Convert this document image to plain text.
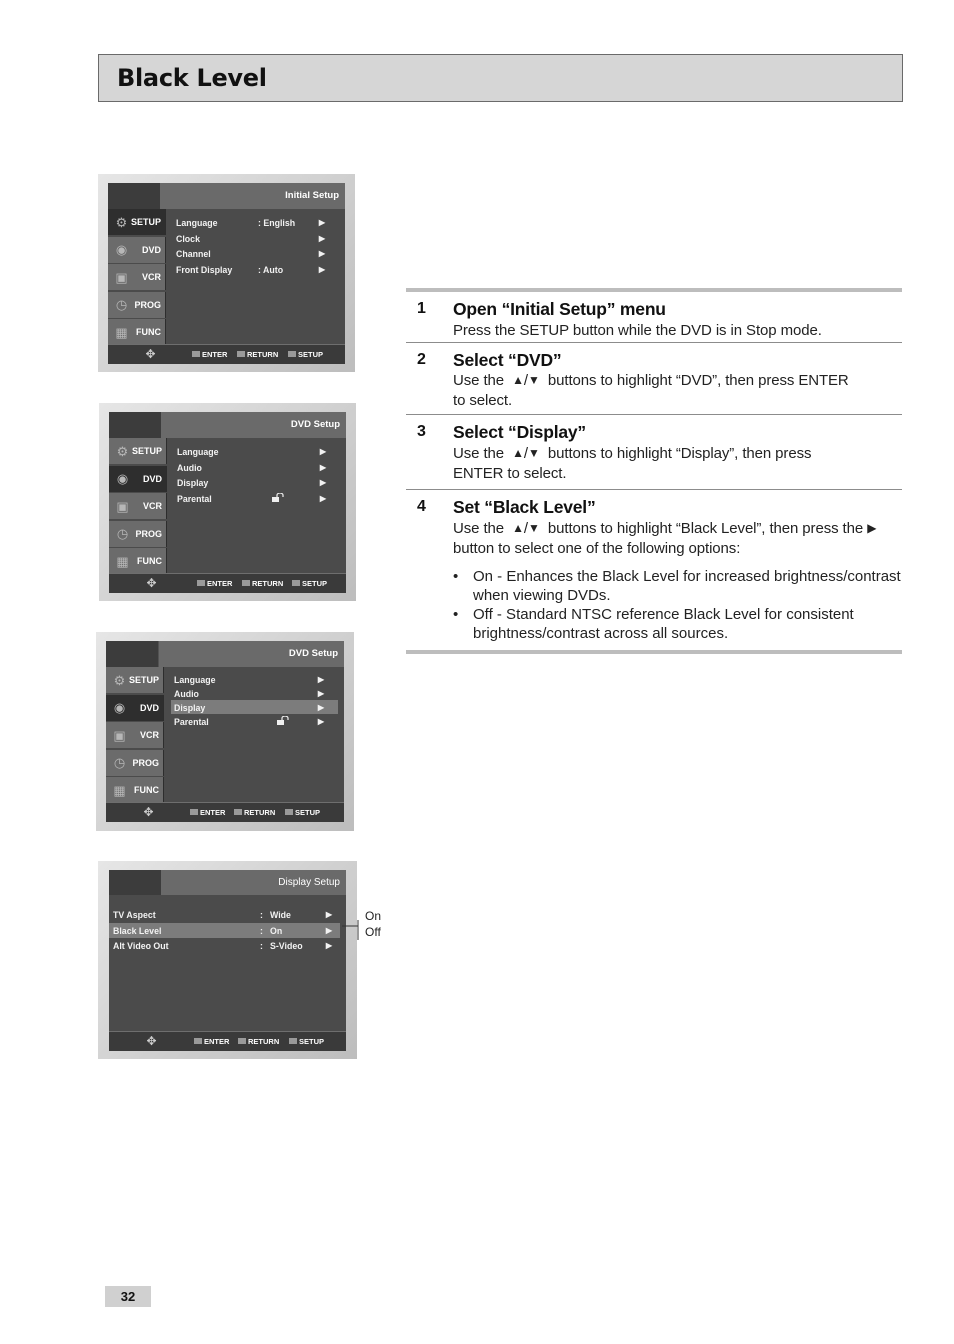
Black Level
Initial Setup
⚙ SETUP
◉	DVD
▣ VCR
◷ PROG
▦ FUNC
Language	: English	▶
Clock	▶
Channel	▶
Front Display	: Auto	▶
✥	ENTER	RETURN	SETUP
DVD Setup
⚙ SETUP
◉	DVD
▣ VCR
◷ PROG
▦ FUNC
Language	▶
Audio	▶
Display	▶
Parental	▶
✥	ENTER	RETURN	SETUP
DVD Setup
⚙ SETUP
◉	DVD
▣ VCR
◷ PROG
▦ FUNC
Language	▶
Audio	▶
Display	▶
Parental	▶
✥	ENTER	RETURN	SETUP
Display Setup
TV Aspect	: Wide	▶
Black Level	: On	▶
Alt Video Out	: S-Video	▶
✥	ENTER	RETURN	SETUP
On
Off
1 Open “Initial Setup” menu
Press the SETUP button while the DVD is in Stop mode.
2 Select “DVD”
Use the ▲/▼ buttons to highlight “DVD”, then press ENTER
to select.
3 Select “Display”
Use the ▲/▼ buttons to highlight “Display”, then press
ENTER to select.
4 Set “Black Level”
Use the ▲/▼ buttons to highlight “Black Level”, then press the ▶
button to select one of the following options:
• On - Enhances the Black Level for increased brightness/contrast when viewing DVDs.
• Off - Standard NTSC reference Black Level for consistent brightness/contrast across all sources.
32
